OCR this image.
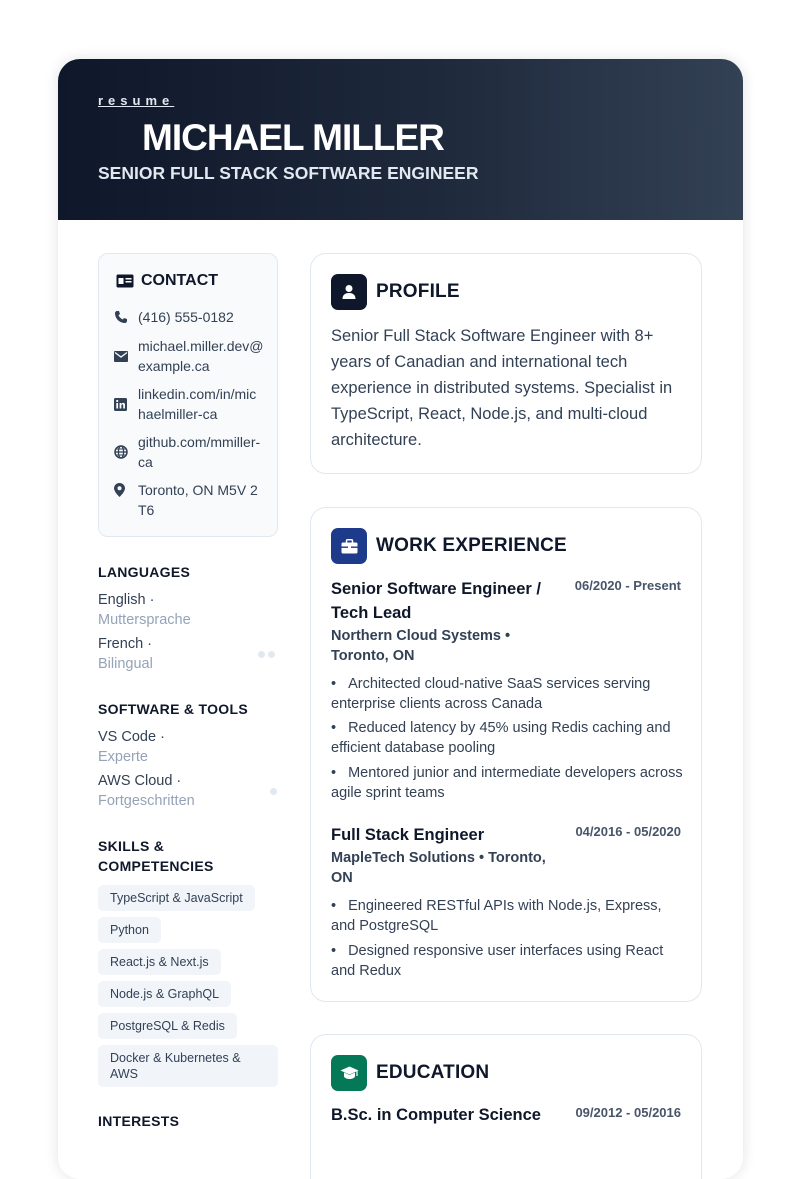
resume
MICHAEL MILLER
SENIOR FULL STACK SOFTWARE ENGINEER
CONTACT
(416) 555-0182
michael.miller.dev@example.ca
linkedin.com/in/michaelmiller-ca
github.com/mmiller-ca
Toronto, ON M5V 2T6
LANGUAGES
English ·
Muttersprache
French ·
Bilingual
SOFTWARE & TOOLS
VS Code ·
Experte
AWS Cloud ·
Fortgeschritten
SKILLS & COMPETENCIES
TypeScript & JavaScript
Python
React.js & Next.js
Node.js & GraphQL
PostgreSQL & Redis
Docker & Kubernetes & AWS
INTERESTS
PROFILE
Senior Full Stack Software Engineer with 8+ years of Canadian and international tech experience in distributed systems. Specialist in TypeScript, React, Node.js, and multi-cloud architecture.
WORK EXPERIENCE
Senior Software Engineer / Tech Lead
06/2020 - Present
Northern Cloud Systems • Toronto, ON
• Architected cloud-native SaaS services serving enterprise clients across Canada
• Reduced latency by 45% using Redis caching and efficient database pooling
• Mentored junior and intermediate developers across agile sprint teams
Full Stack Engineer	04/2016 - 05/2020
MapleTech Solutions • Toronto, ON
• Engineered RESTful APIs with Node.js, Express, and PostgreSQL
• Designed responsive user interfaces using React and Redux
EDUCATION
B.Sc. in Computer Science	09/2012 - 05/2016
